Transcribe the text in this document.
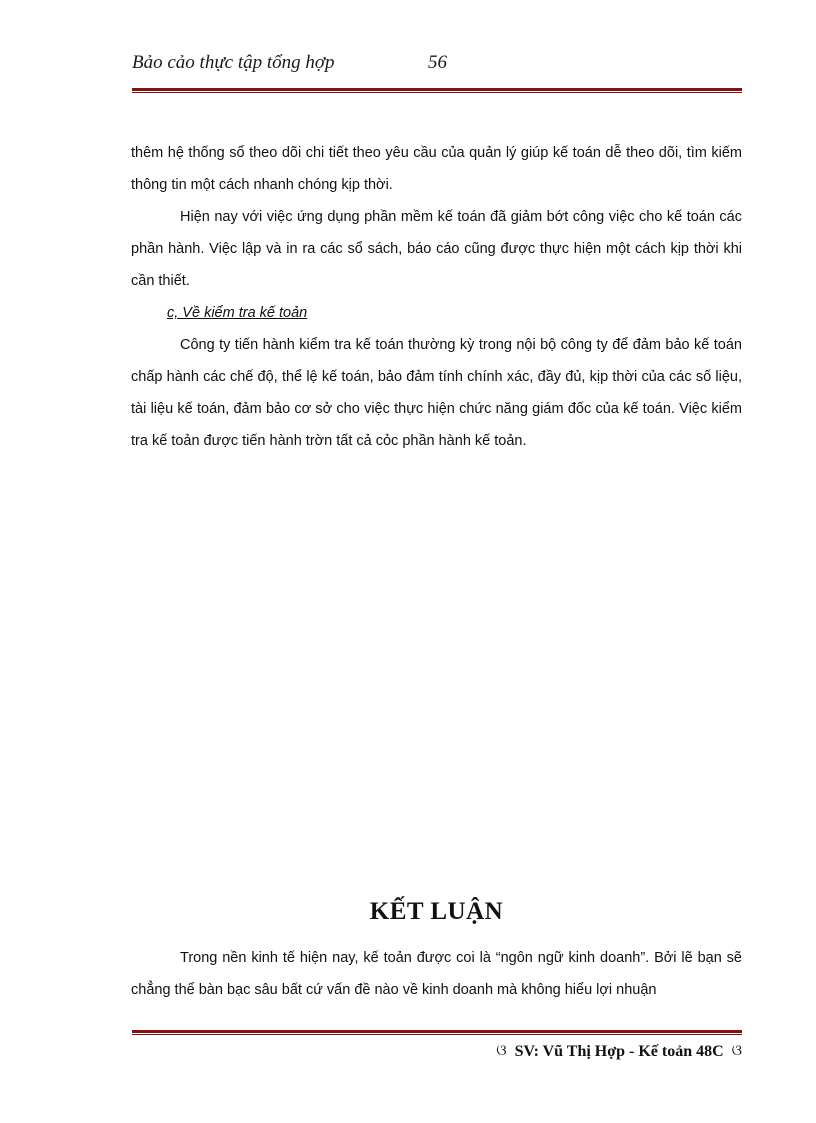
Bảo cảo thực tập tổng hợp	56

thêm hệ thống sổ theo dõi chi tiết theo yêu cầu của quản lý giúp kế toán dễ theo dõi, tìm kiếm thông tin một cách nhanh chóng kịp thời.

Hiện nay với việc ứng dụng phần mềm kế toán đã giảm bớt công việc cho kế toán các phần hành. Việc lập và in ra các sổ sách, báo cáo cũng được thực hiện một cách kịp thời khi cần thiết.

c, Về kiểm tra kế toản

Công ty tiến hành kiểm tra kế toán thường kỳ trong nội bộ công ty để đảm bảo kế toán chấp hành các chế độ, thể lệ kế toán, bảo đảm tính chính xác, đầy đủ, kịp thời của các số liệu, tài liệu kế toán, đảm bảo cơ sở cho việc thực hiện chức năng giám đốc của kế toán. Việc kiểm tra kế toản được tiến hành trờn tất cả cỏc phần hành kế toản.

KẾT LUẬN

Trong nền kinh tế hiện nay, kế toản được coi là “ngôn ngữ kinh doanh”. Bởi lẽ bạn sẽ chẳng thể bàn bạc sâu bất cứ vấn đề nào về kinh doanh mà không hiểu lợi nhuận

ଓ SV: Vũ Thị Hợp - Kế toản 48C ଓ
